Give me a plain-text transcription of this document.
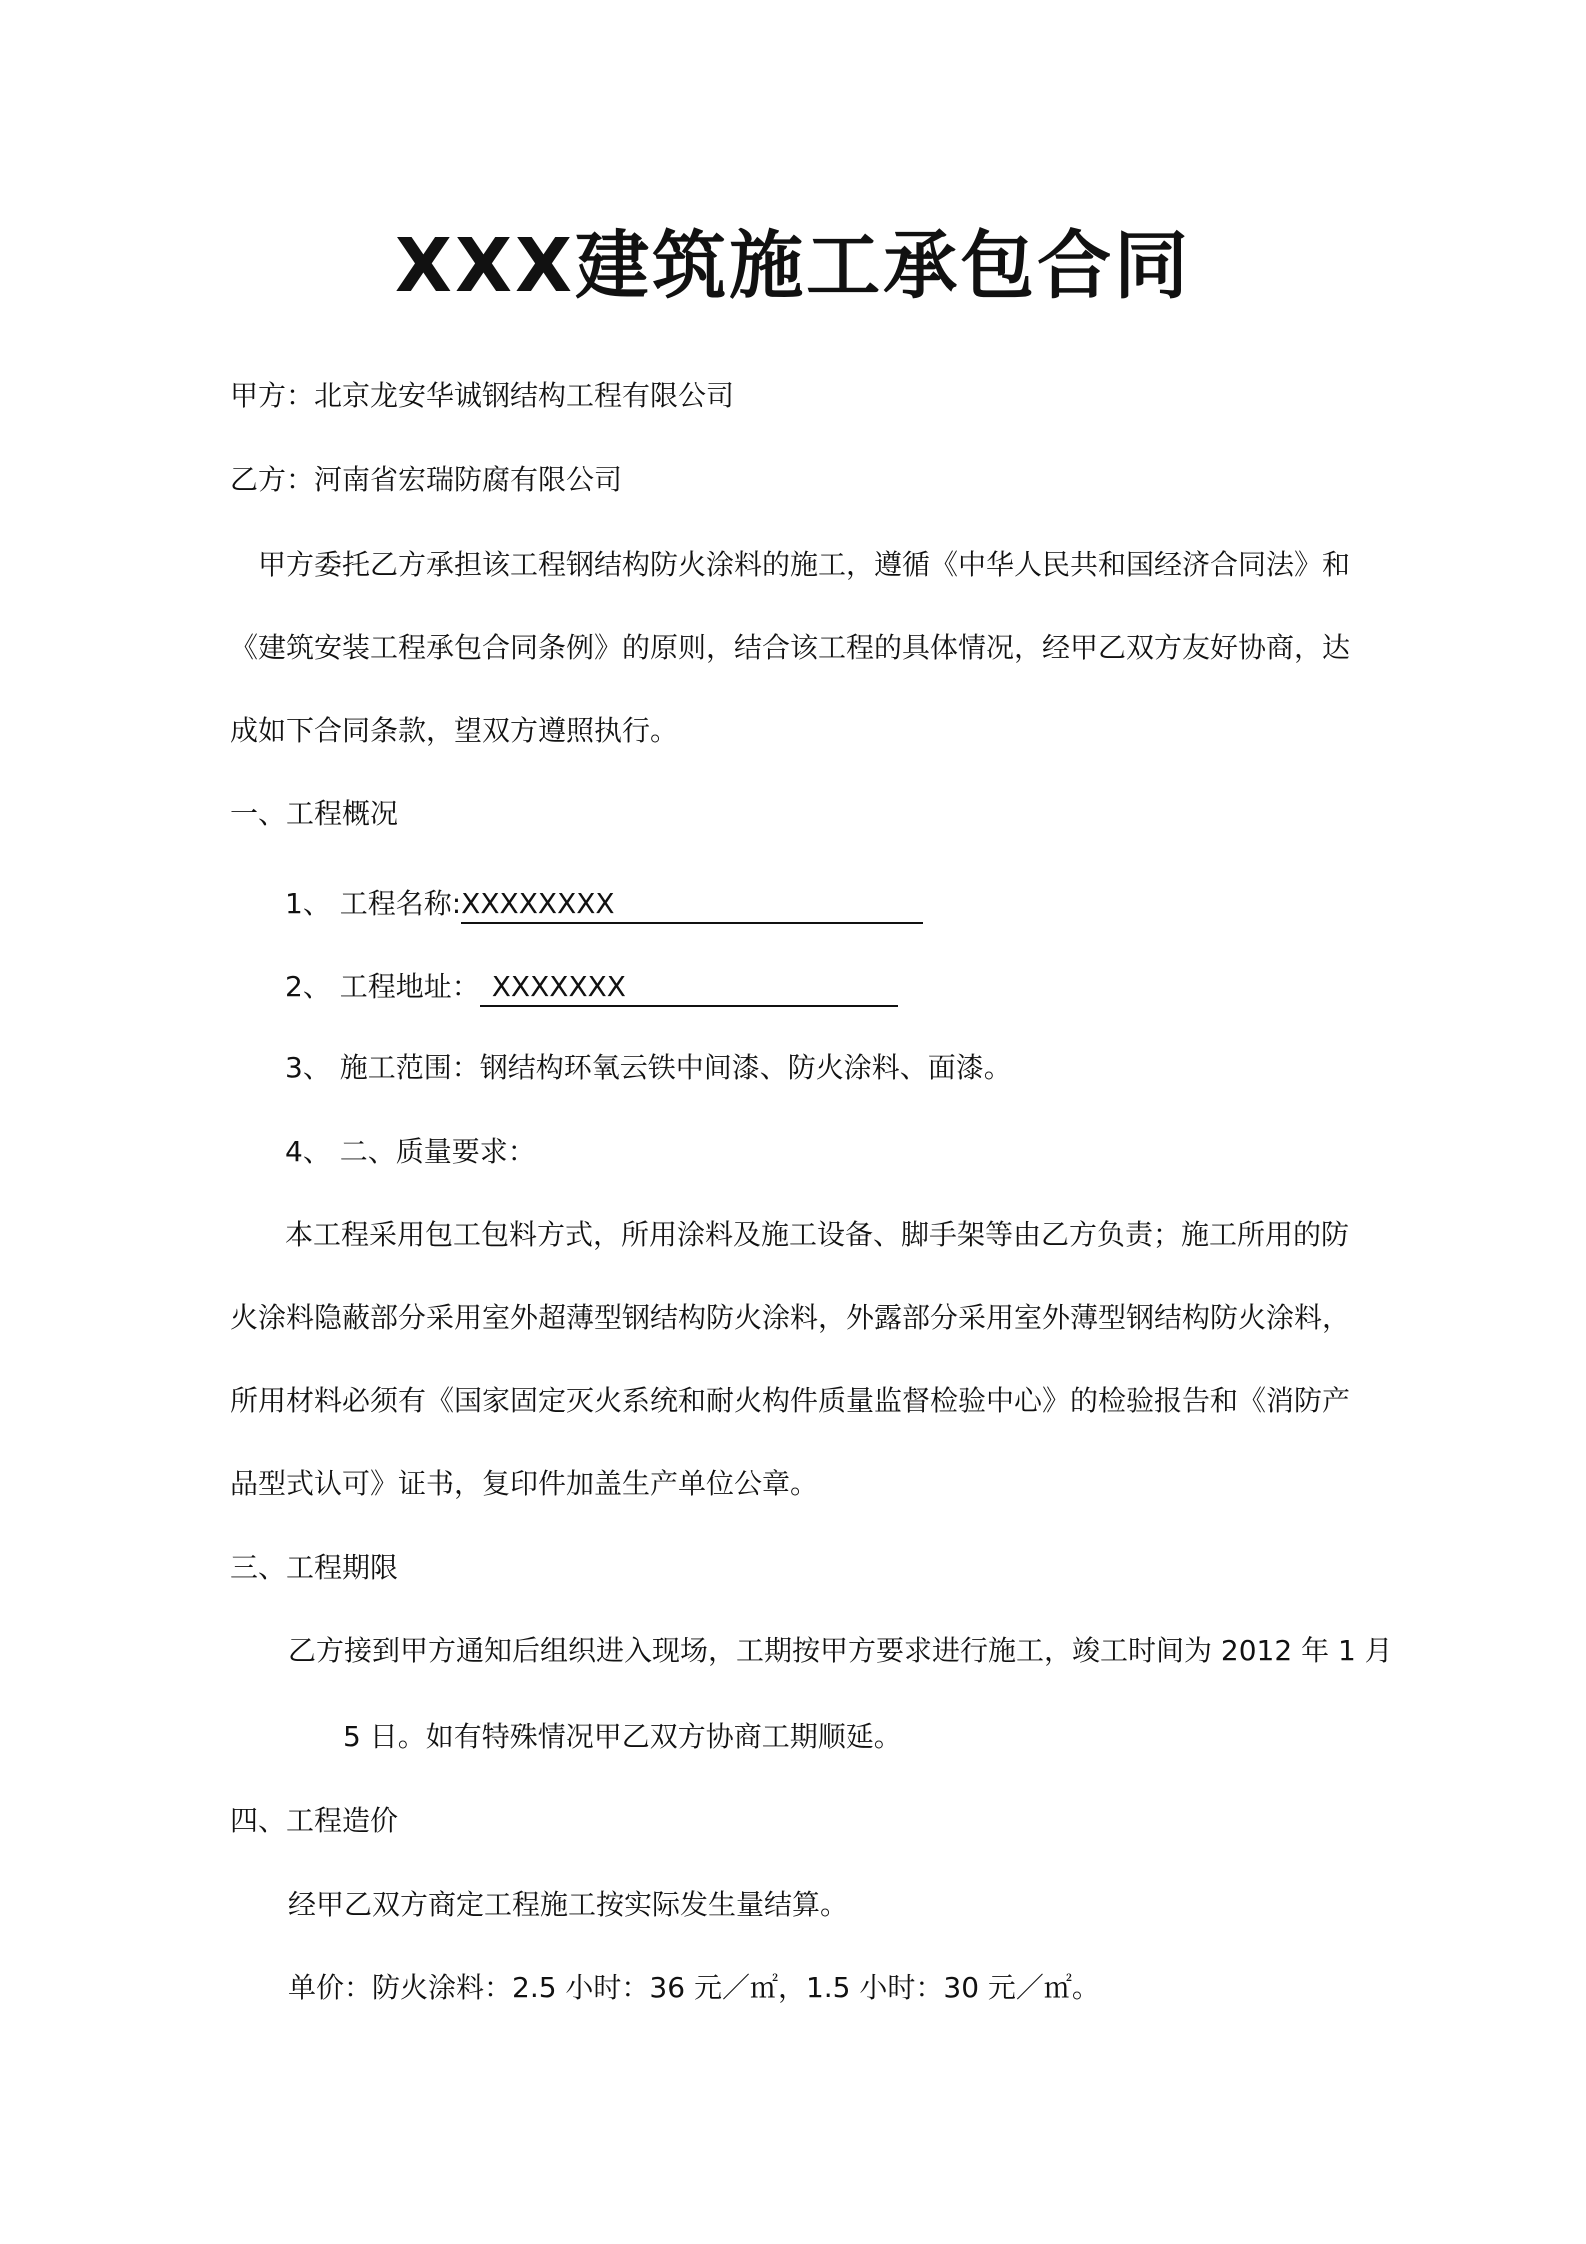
XXX建筑施工承包合同
甲方：北京龙安华诚钢结构工程有限公司
乙方：河南省宏瑞防腐有限公司
甲方委托乙方承担该工程钢结构防火涂料的施工，遵循《中华人民共和国经济合同法》和
《建筑安装工程承包合同条例》的原则，结合该工程的具体情况，经甲乙双方友好协商，达
成如下合同条款，望双方遵照执行。
一、工程概况
1、 工程名称:XXXXXXXX
2、 工程地址： XXXXXXX
3、 施工范围：钢结构环氧云铁中间漆、防火涂料、面漆。
4、 二、质量要求：
本工程采用包工包料方式，所用涂料及施工设备、脚手架等由乙方负责；施工所用的防
火涂料隐蔽部分采用室外超薄型钢结构防火涂料，外露部分采用室外薄型钢结构防火涂料，
所用材料必须有《国家固定灭火系统和耐火构件质量监督检验中心》的检验报告和《消防产
品型式认可》证书，复印件加盖生产单位公章。
三、工程期限
乙方接到甲方通知后组织进入现场，工期按甲方要求进行施工，竣工时间为 2012 年 1 月
5 日。如有特殊情况甲乙双方协商工期顺延。
四、工程造价
经甲乙双方商定工程施工按实际发生量结算。
单价：防火涂料：2.5 小时：36 元／㎡，1.5 小时：30 元／㎡。
